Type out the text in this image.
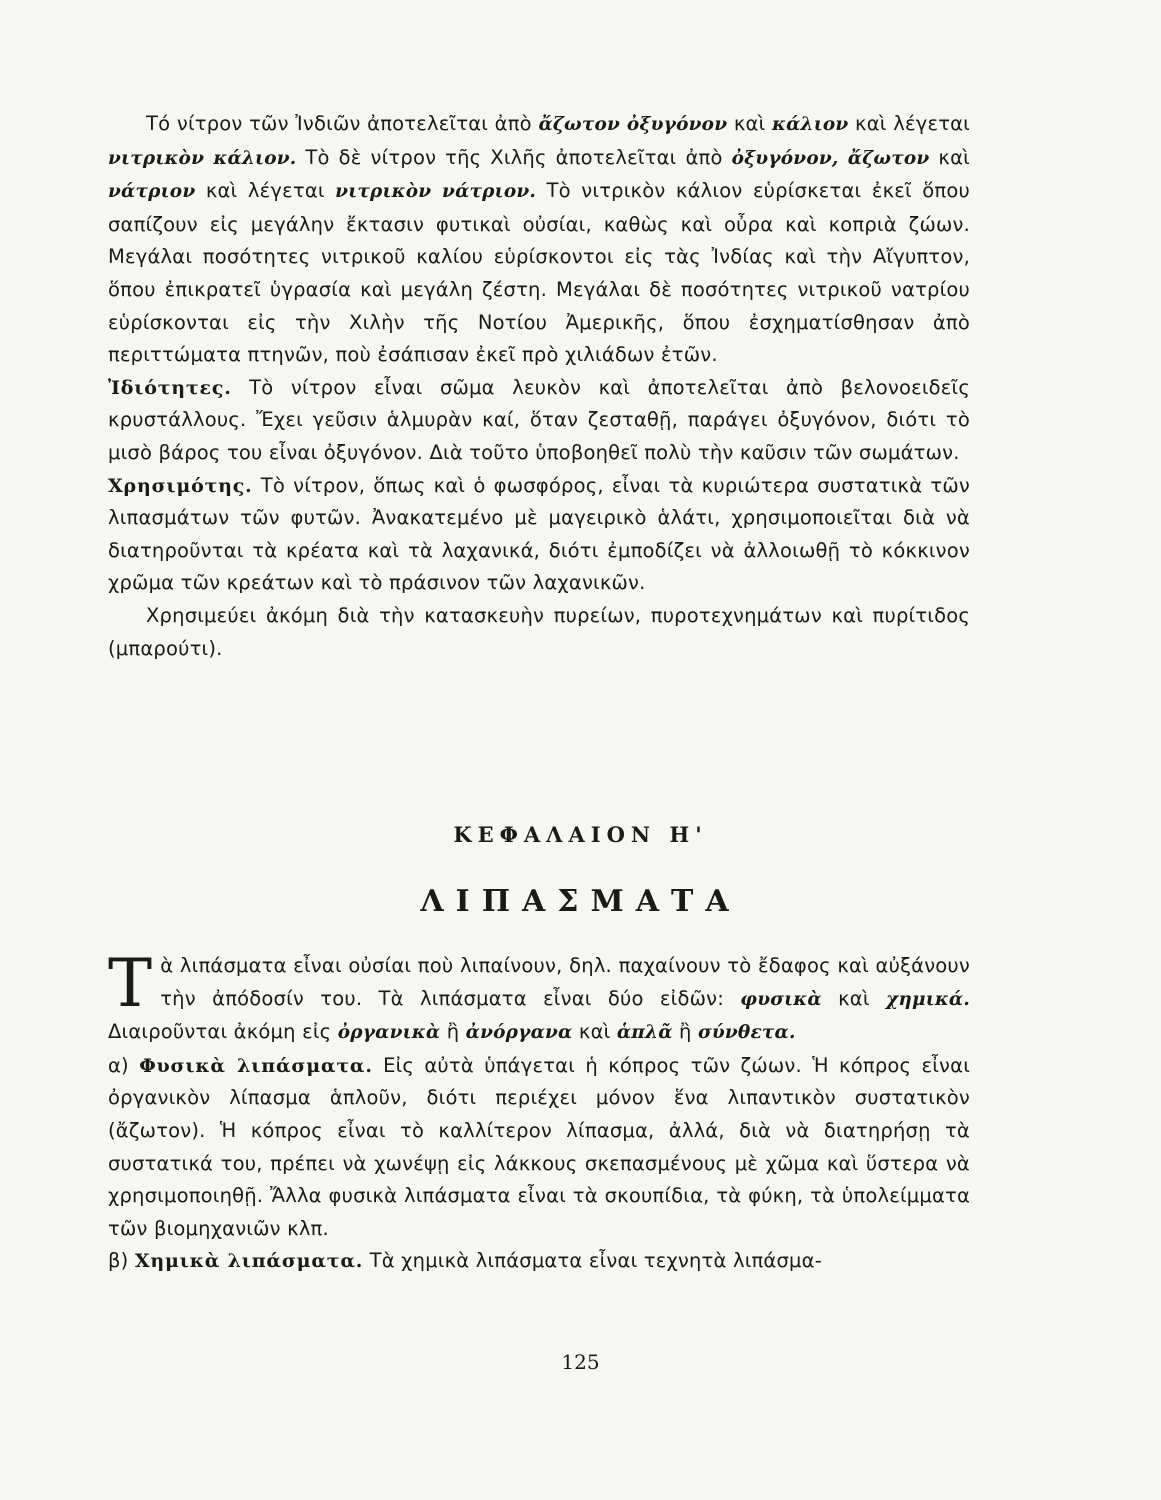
Τό νίτρον τῶν Ἰνδιῶν ἀποτελεῖται ἀπὸ ἄζωτον ὀξυγόνον καὶ κάλιον καὶ λέγεται νιτρικὸν κάλιον. Τὸ δὲ νίτρον τῆς Χιλῆς ἀποτελεῖται ἀπὸ ὀξυγόνον, ἄζωτον καὶ νάτριον καὶ λέγεται νιτρικὸν νάτριον. Τὸ νιτρικὸν κάλιον εὑρίσκεται ἐκεῖ ὅπου σαπίζουν εἰς μεγάλην ἔκτασιν φυτικαὶ οὐσίαι, καθὼς καὶ οὖρα καὶ κοπριὰ ζώων. Μεγάλαι ποσότητες νιτρικοῦ καλίου εὑρίσκοντοι εἰς τὰς Ἰνδίας καὶ τὴν Αἴγυπτον, ὅπου ἐπικρατεῖ ὑγρασία καὶ μεγάλη ζέστη. Μεγάλαι δὲ ποσότητες νιτρικοῦ νατρίου εὑρίσκονται εἰς τὴν Χιλὴν τῆς Νοτίου Ἀμερικῆς, ὅπου ἐσχηματίσθησαν ἀπὸ περιττώματα πτηνῶν, ποὺ ἐσάπισαν ἐκεῖ πρὸ χιλιάδων ἐτῶν.

Ἰδιότητες. Τὸ νίτρον εἶναι σῶμα λευκὸν καὶ ἀποτελεῖται ἀπὸ βελονοειδεῖς κρυστάλλους. Ἔχει γεῦσιν ἁλμυρὰν καί, ὅταν ζεσταθῇ, παράγει ὀξυγόνον, διότι τὸ μισὸ βάρος του εἶναι ὀξυγόνον. Διὰ τοῦτο ὑποβοηθεῖ πολὺ τὴν καῦσιν τῶν σωμάτων.

Χρησιμότης. Τὸ νίτρον, ὅπως καὶ ὁ φωσφόρος, εἶναι τὰ κυριώτερα συστατικὰ τῶν λιπασμάτων τῶν φυτῶν. Ἀνακατεμένο μὲ μαγειρικὸ ἁλάτι, χρησιμοποιεῖται διὰ νὰ διατηροῦνται τὰ κρέατα καὶ τὰ λαχανικά, διότι ἐμποδίζει νὰ ἀλλοιωθῇ τὸ κόκκινον χρῶμα τῶν κρεάτων καὶ τὸ πράσινον τῶν λαχανικῶν.

Χρησιμεύει ἀκόμη διὰ τὴν κατασκευὴν πυρείων, πυροτεχνημάτων καὶ πυρίτιδος (μπαρούτι).

ΚΕΦΑΛΑΙΟΝ Η'

ΛΙΠΑΣΜΑΤΑ

Τὰ λιπάσματα εἶναι οὐσίαι ποὺ λιπαίνουν, δηλ. παχαίνουν τὸ ἔδαφος καὶ αὐξάνουν τὴν ἀπόδοσίν του. Τὰ λιπάσματα εἶναι δύο εἰδῶν: φυσικὰ καὶ χημικά. Διαιροῦνται ἀκόμη εἰς ὀργανικὰ ἢ ἀνόργανα καὶ ἁπλᾶ ἢ σύνθετα.

α) Φυσικὰ λιπάσματα. Εἰς αὐτὰ ὑπάγεται ἡ κόπρος τῶν ζώων. Ἡ κόπρος εἶναι ὀργανικὸν λίπασμα ἁπλοῦν, διότι περιέχει μόνον ἕνα λιπαντικὸν συστατικὸν (ἄζωτον). Ἡ κόπρος εἶναι τὸ καλλίτερον λίπασμα, ἀλλά, διὰ νὰ διατηρήσῃ τὰ συστατικά του, πρέπει νὰ χωνέψῃ εἰς λάκκους σκεπασμένους μὲ χῶμα καὶ ὕστερα νὰ χρησιμοποιηθῇ. Ἄλλα φυσικὰ λιπάσματα εἶναι τὰ σκουπίδια, τὰ φύκη, τὰ ὑπολείμματα τῶν βιομηχανιῶν κλπ.

β) Χημικὰ λιπάσματα. Τὰ χημικὰ λιπάσματα εἶναι τεχνητὰ λιπάσμα-

125
